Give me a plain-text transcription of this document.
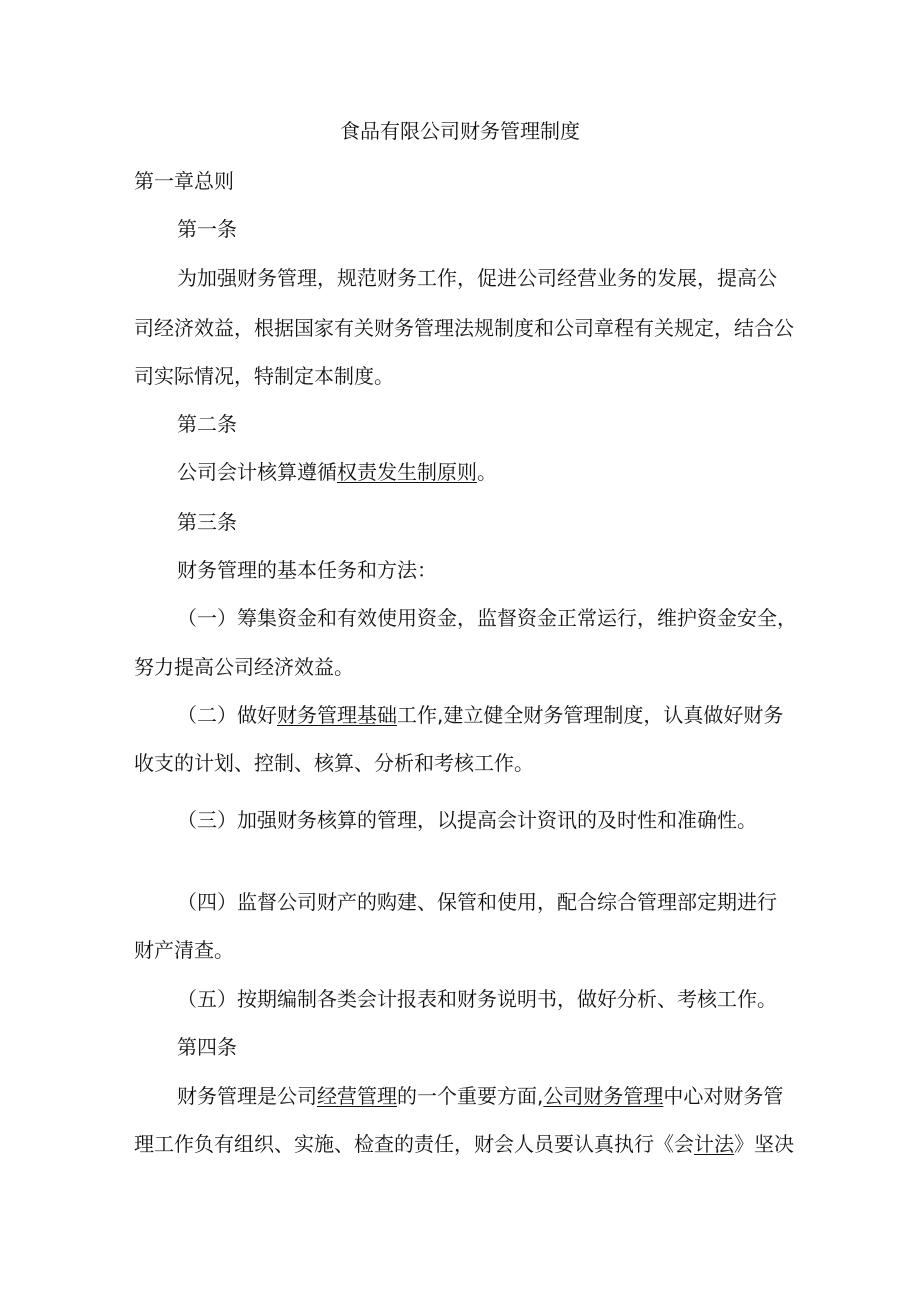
食品有限公司财务管理制度

第一章总则

第一条

为加强财务管理，规范财务工作，促进公司经营业务的发展，提高公

司经济效益，根据国家有关财务管理法规制度和公司章程有关规定，结合公

司实际情况，特制定本制度。

第二条

公司会计核算遵循权责发生制原则。

第三条

财务管理的基本任务和方法：

（一）筹集资金和有效使用资金，监督资金正常运行，维护资金安全，

努力提高公司经济效益。

（二）做好财务管理基础工作,建立健全财务管理制度，认真做好财务

收支的计划、控制、核算、分析和考核工作。

（三）加强财务核算的管理，以提高会计资讯的及时性和准确性。

（四）监督公司财产的购建、保管和使用，配合综合管理部定期进行

财产清查。

（五）按期编制各类会计报表和财务说明书，做好分析、考核工作。

第四条

财务管理是公司经营管理的一个重要方面,公司财务管理中心对财务管

理工作负有组织、实施、检查的责任，财会人员要认真执行《会计法》坚决
